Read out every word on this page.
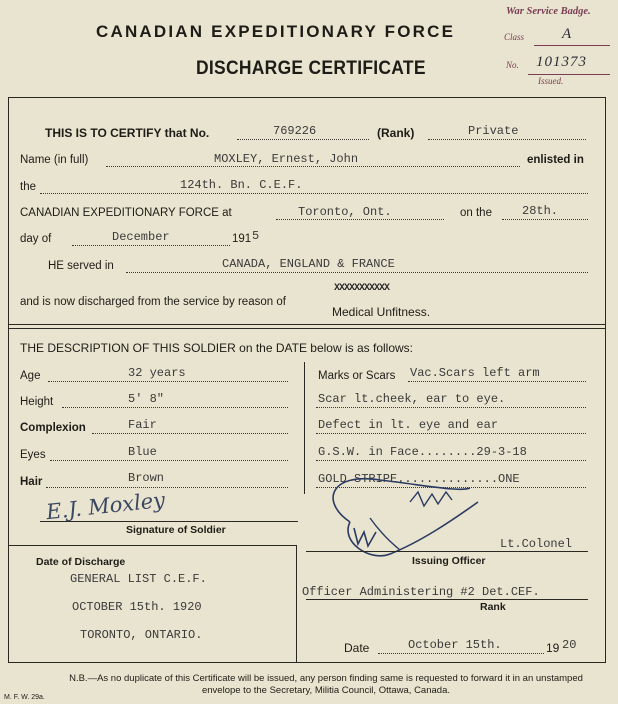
CANADIAN EXPEDITIONARY FORCE
DISCHARGE CERTIFICATE
War Service Badge.
Class	A
No. 101373
Issued.
THIS IS TO CERTIFY that No.	769226	(Rank)	Private
Name (in full)	MOXLEY, Ernest, John	enlisted in
the	124th. Bn. C.E.F.
CANADIAN EXPEDITIONARY FORCE at	Toronto, Ont.	on the	28th.
day of	December	191 5
HE served in	CANADA, ENGLAND & FRANCE
and is now discharged from the service by reason of
XXXXXXXXXXX
Medical Unfitness.
THE DESCRIPTION OF THIS SOLDIER on the DATE below is as follows:
Age	32 years
Height	5' 8"
Complexion	Fair
Eyes	Blue
Hair	Brown
Marks or Scars Vac.Scars left arm
Scar lt.cheek, ear to eye.
Defect in lt. eye and ear
G.S.W. in Face........29-3-18
GOLD STRIPE..............ONE
E.J. Moxley
Signature of Soldier
Lt.Colonel
Issuing Officer
Officer Administering #2 Det.CEF.
Rank
Date	October 15th.	19 20
Date of Discharge
GENERAL LIST C.E.F.
OCTOBER 15th. 1920
TORONTO, ONTARIO.
N.B.—As no duplicate of this Certificate will be issued, any person finding same is requested to forward it in an unstamped envelope to the Secretary, Militia Council, Ottawa, Canada.
M. F. W. 29a.
